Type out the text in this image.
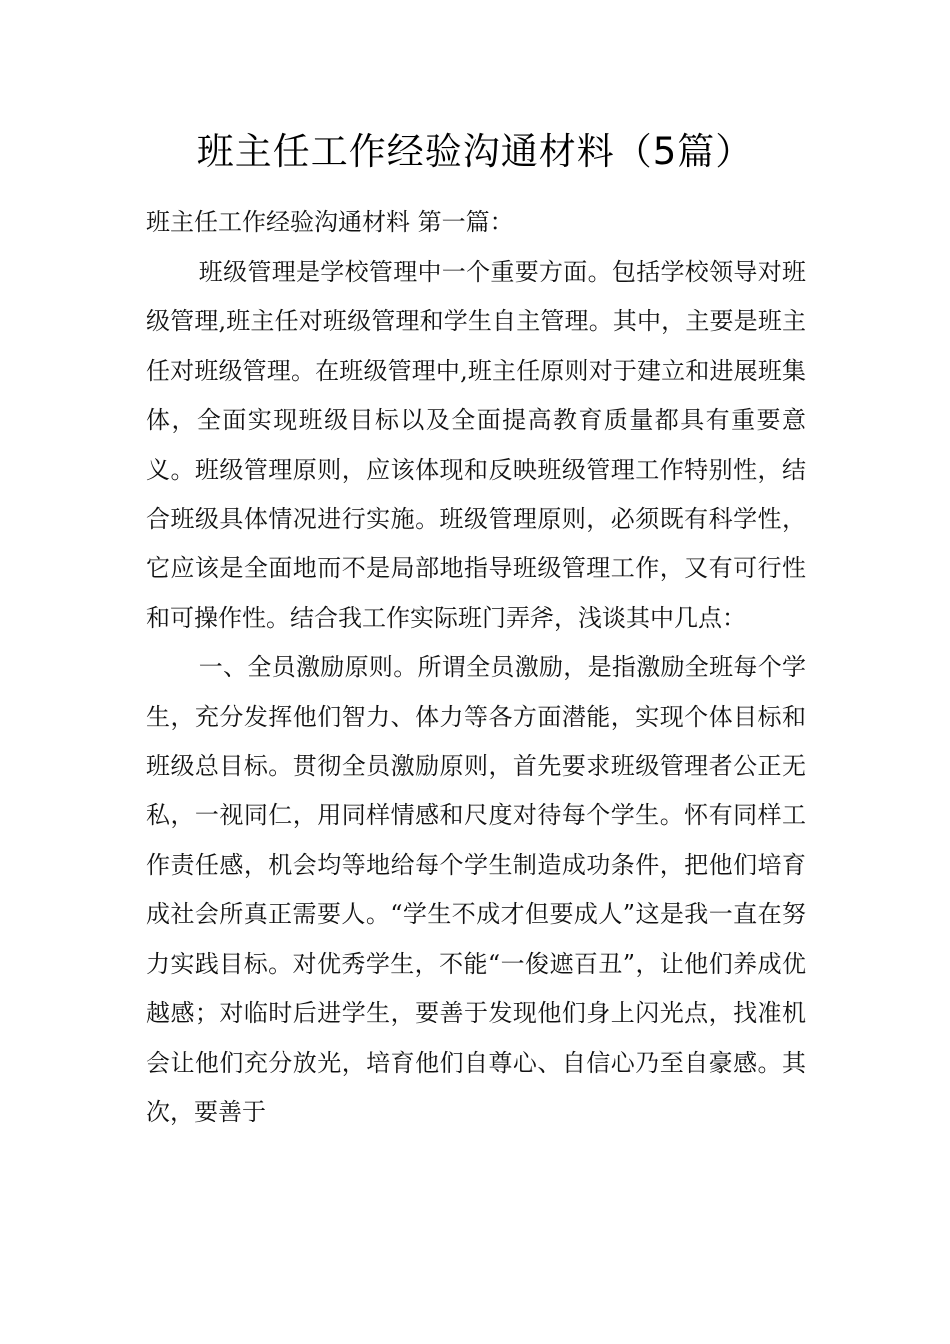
班主任工作经验沟通材料（5篇）

班主任工作经验沟通材料 第一篇：

班级管理是学校管理中一个重要方面。包括学校领导对班级管理,班主任对班级管理和学生自主管理。其中，主要是班主任对班级管理。在班级管理中,班主任原则对于建立和进展班集体，全面实现班级目标以及全面提高教育质量都具有重要意义。班级管理原则，应该体现和反映班级管理工作特别性，结合班级具体情况进行实施。班级管理原则，必须既有科学性，它应该是全面地而不是局部地指导班级管理工作，又有可行性和可操作性。结合我工作实际班门弄斧，浅谈其中几点：

一、全员激励原则。所谓全员激励，是指激励全班每个学生，充分发挥他们智力、体力等各方面潜能，实现个体目标和班级总目标。贯彻全员激励原则，首先要求班级管理者公正无私，一视同仁，用同样情感和尺度对待每个学生。怀有同样工作责任感，机会均等地给每个学生制造成功条件，把他们培育成社会所真正需要人。“学生不成才但要成人”这是我一直在努力实践目标。对优秀学生，不能“一俊遮百丑”，让他们养成优越感；对临时后进学生，要善于发现他们身上闪光点，找准机会让他们充分放光，培育他们自尊心、自信心乃至自豪感。其次，要善于
